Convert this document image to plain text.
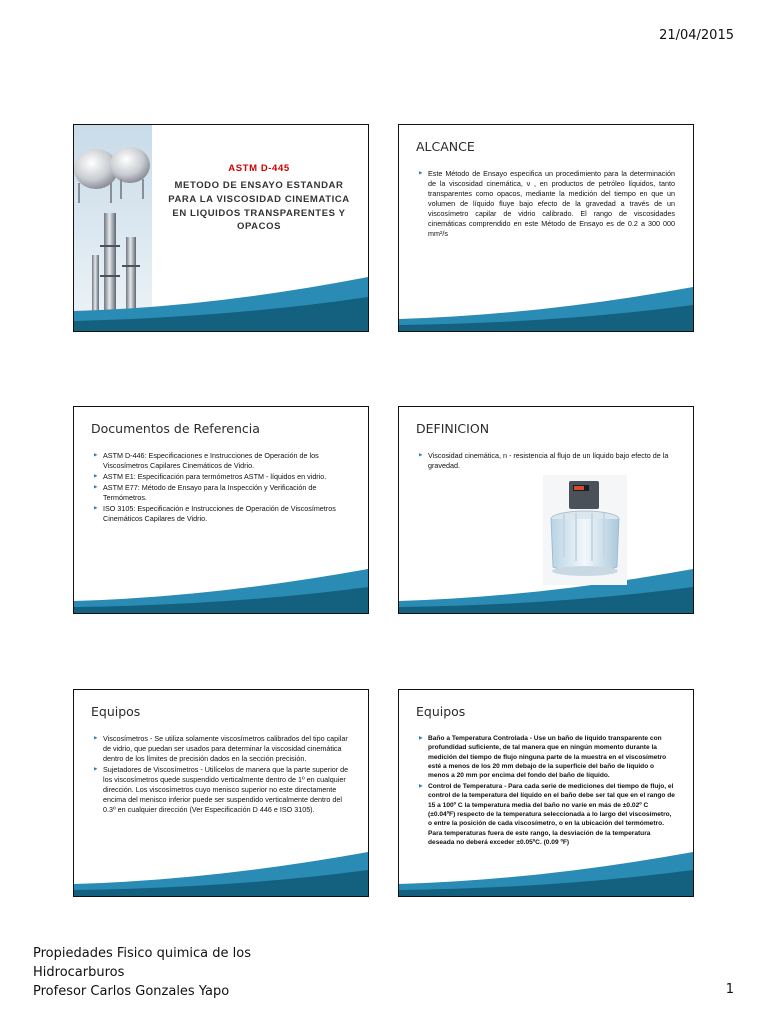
21/04/2015
ASTM D-445
METODO DE ENSAYO ESTANDAR PARA LA VISCOSIDAD CINEMATICA EN LIQUIDOS TRANSPARENTES Y OPACOS
ALCANCE
▶ Este Método de Ensayo especifica un procedimiento para la determinación de la viscosidad cinemática, ν , en productos de petróleo líquidos, tanto transparentes como opacos, mediante la medición del tiempo en que un volumen de líquido fluye bajo efecto de la gravedad a través de un viscosímetro capilar de vidrio calibrado. El rango de viscosidades cinemáticas comprendido en este Método de Ensayo es de 0.2 a 300 000 mm²/s
Documentos de Referencia
▶ ASTM D-446: Especificaciones e Instrucciones de Operación de los Viscosímetros Capilares Cinemáticos de Vidrio.
▶ ASTM E1: Especificación para termómetros ASTM - líquidos en vidrio.
▶ ASTM E77: Método de Ensayo para la Inspección y Verificación de Termómetros.
▶ ISO 3105: Especificación e Instrucciones de Operación de Viscosímetros Cinemáticos Capilares de Vidrio.
DEFINICION
▶ Viscosidad cinemática, n - resistencia al flujo de un líquido bajo efecto de la gravedad.
Equipos
▶ Viscosímetros - Se utiliza solamente viscosímetros calibrados del tipo capilar de vidrio, que puedan ser usados para determinar la viscosidad cinemática dentro de los límites de precisión dados en la sección precisión.
▶ Sujetadores de Viscosímetros - Utilícelos de manera que la parte superior de los viscosímetros quede suspendido verticalmente dentro de 1º en cualquier dirección. Los viscosímetros cuyo menisco superior no este directamente encima del menisco inferior puede ser suspendido verticalmente dentro del 0.3º en cualquier dirección (Ver Especificación D 446 e ISO 3105).
Equipos
▶ Baño a Temperatura Controlada - Use un baño de líquido transparente con profundidad suficiente, de tal manera que en ningún momento durante la medición del tiempo de flujo ninguna parte de la muestra en el viscosímetro esté a menos de los 20 mm debajo de la superficie del baño de líquido o menos a 20 mm por encima del fondo del baño de líquido.
▶ Control de Temperatura - Para cada serie de mediciones del tiempo de flujo, el control de la temperatura del líquido en el baño debe ser tal que en el rango de 15 a 100º C la temperatura media del baño no varíe en más de ±0.02º C (±0.04ºF) respecto de la temperatura seleccionada a lo largo del viscosímetro, o entre la posición de cada viscosímetro, o en la ubicación del termómetro. Para temperaturas fuera de este rango, la desviación de la temperatura deseada no deberá exceder ±0.05ºC. (0.09 ºF)
Propiedades Fisico quimica de los
Hidrocarburos
Profesor Carlos Gonzales Yapo	1
